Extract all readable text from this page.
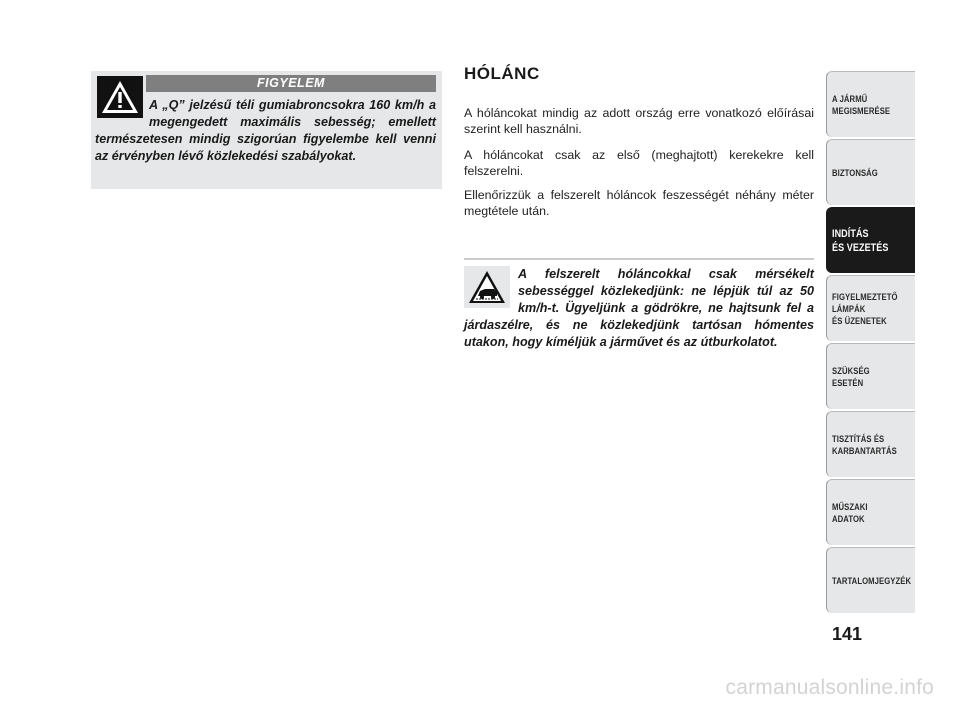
FIGYELEM

A „Q” jelzésű téli gumiabroncsokra 160 km/h a megengedett maximális sebesség; emellett természetesen mindig szigorúan figyelembe kell venni az érvényben lévő közlekedési szabályokat.

HÓLÁNC

A hóláncokat mindig az adott ország erre vonatkozó előírásai szerint kell használni.

A hóláncokat csak az első (meghajtott) kerekekre kell felszerelni.

Ellenőrizzük a felszerelt hóláncok feszességét néhány méter megtétele után.

A felszerelt hóláncokkal csak mérsékelt sebességgel közlekedjünk: ne lépjük túl az 50 km/h-t. Ügyeljünk a gödrökre, ne hajtsunk fel a járdaszélre, és ne közlekedjünk tartósan hómentes utakon, hogy kíméljük a járművet és az útburkolatot.

A JÁRMŰ
MEGISMERÉSE
BIZTONSÁG
INDÍTÁS
ÉS VEZETÉS
FIGYELMEZTETŐ
LÁMPÁK
ÉS ÜZENETEK
SZÜKSÉG
ESETÉN
TISZTÍTÁS ÉS
KARBANTARTÁS
MŰSZAKI
ADATOK
TARTALOMJEGYZÉK
141
carmanualsonline.info
